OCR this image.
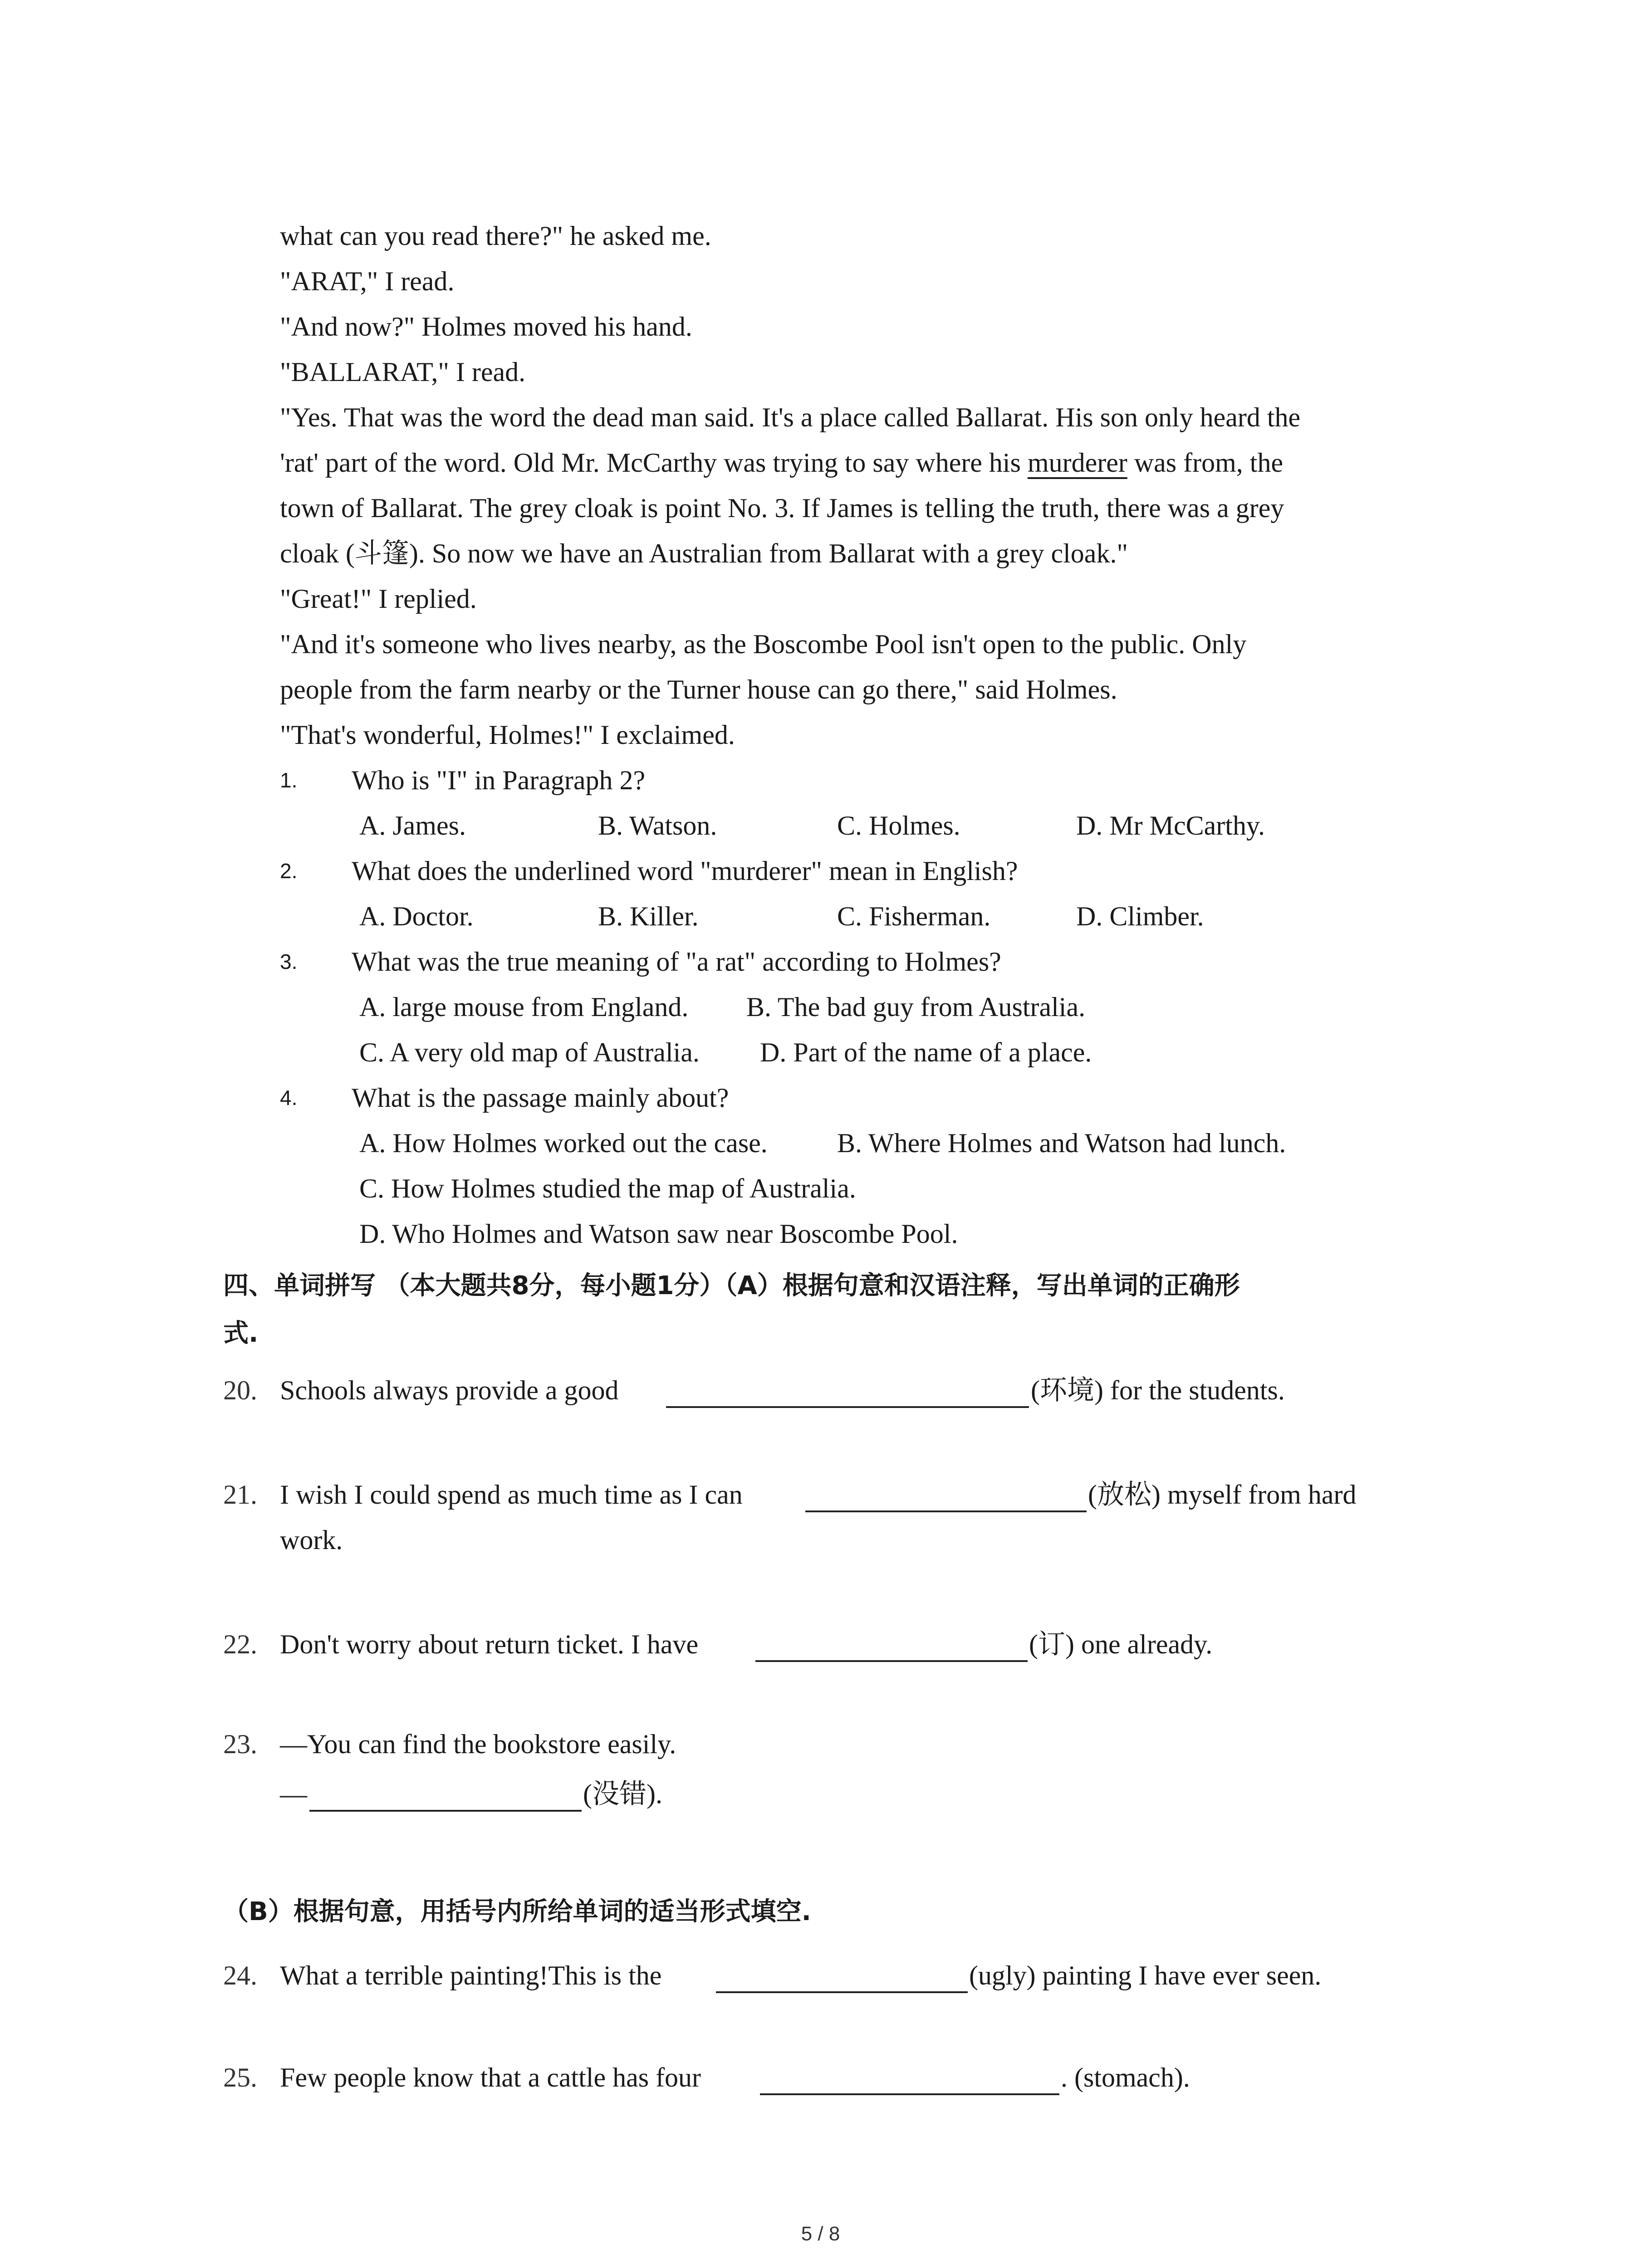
what can you read there?" he asked me.
"ARAT," I read.
"And now?" Holmes moved his hand.
"BALLARAT," I read.
"Yes. That was the word the dead man said. It's a place called Ballarat. His son only heard the
'rat' part of the word. Old Mr. McCarthy was trying to say where his murderer was from, the
town of Ballarat. The grey cloak is point No. 3. If James is telling the truth, there was a grey
cloak (斗篷). So now we have an Australian from Ballarat with a grey cloak."
"Great!" I replied.
"And it's someone who lives nearby, as the Boscombe Pool isn't open to the public. Only
people from the farm nearby or the Turner house can go there," said Holmes.
"That's wonderful, Holmes!" I exclaimed.
1. Who is "I" in Paragraph 2?
A. James.	B. Watson.	C. Holmes.	D. Mr McCarthy.
2. What does the underlined word "murderer" mean in English?
A. Doctor.	B. Killer.	C. Fisherman.	D. Climber.
3. What was the true meaning of "a rat" according to Holmes?
A. large mouse from England. B. The bad guy from Australia.
C. A very old map of Australia. D. Part of the name of a place.
4. What is the passage mainly about?
A. How Holmes worked out the case.	B. Where Holmes and Watson had lunch.
C. How Holmes studied the map of Australia.
D. Who Holmes and Watson saw near Boscombe Pool.
四、单词拼写 （本大题共8分，每小题1分）（A）根据句意和汉语注释，写出单词的正确形
式.
20. Schools always provide a good	(环境) for the students.
21. I wish I could spend as much time as I can	(放松) myself from hard
work.
22. Don't worry about return ticket. I have	(订) one already.
23. —You can find the bookstore easily.
—	(没错).
（B）根据句意，用括号内所给单词的适当形式填空.
24. What a terrible painting!This is the	(ugly) painting I have ever seen.
25. Few people know that a cattle has four	. (stomach).
5 / 8
